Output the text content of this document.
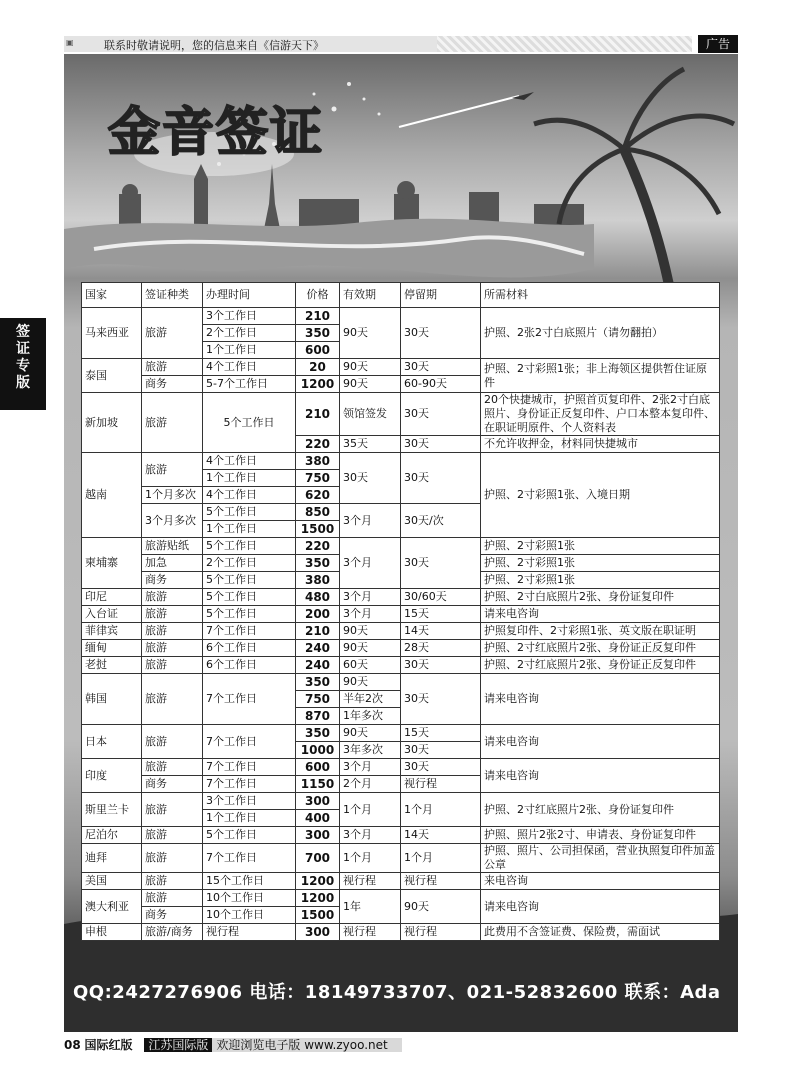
▣	联系时敬请说明，您的信息来自《信游天下》	广告
签证专版
金音签证
国家	签证种类	办理时间	价格	有效期	停留期	所需材料
马来西亚	旅游	3个工作日	210	90天	30天	护照、2张2寸白底照片（请勿翻拍）
		2个工作日	350			
		1个工作日	600			
泰国	旅游	4个工作日	20	90天	30天	护照、2寸彩照1张；非上海领区提供暂住证原件
	商务	5-7个工作日	1200	90天	60-90天	
新加坡	旅游	5个工作日	210	领馆签发	30天	20个快捷城市，护照首页复印件、2张2寸白底照片、身份证正反复印件、户口本整本复印件、在职证明原件、个人资料表
			220	35天	30天	不允许收押金，材料同快捷城市
越南	旅游	4个工作日	380	30天	30天	护照、2寸彩照1张、入境日期
		1个工作日	750			
	1个月多次	4个工作日	620			
	3个月多次	5个工作日	850	3个月	30天/次	
		1个工作日	1500			
柬埔寨	旅游贴纸	5个工作日	220	3个月	30天	护照、2寸彩照1张
	加急	2个工作日	350			护照、2寸彩照1张
	商务	5个工作日	380			护照、2寸彩照1张
印尼	旅游	5个工作日	480	3个月	30/60天	护照、2寸白底照片2张、身份证复印件
入台证	旅游	5个工作日	200	3个月	15天	请来电咨询
菲律宾	旅游	7个工作日	210	90天	14天	护照复印件、2寸彩照1张、英文版在职证明
缅甸	旅游	6个工作日	240	90天	28天	护照、2寸红底照片2张、身份证正反复印件
老挝	旅游	6个工作日	240	60天	30天	护照、2寸红底照片2张、身份证正反复印件
韩国	旅游	7个工作日	350	90天	30天	请来电咨询
			750	半年2次		
			870	1年多次		
日本	旅游	7个工作日	350	90天	15天	请来电咨询
			1000	3年多次	30天	
印度	旅游	7个工作日	600	3个月	30天	请来电咨询
	商务	7个工作日	1150	2个月	视行程	
斯里兰卡	旅游	3个工作日	300	1个月	1个月	护照、2寸红底照片2张、身份证复印件
		1个工作日	400			
尼泊尔	旅游	5个工作日	300	3个月	14天	护照、照片2张2寸、申请表、身份证复印件
迪拜	旅游	7个工作日	700	1个月	1个月	护照、照片、公司担保函，营业执照复印件加盖公章
美国	旅游	15个工作日	1200	视行程	视行程	来电咨询
澳大利亚	旅游	10个工作日	1200	1年	90天	请来电咨询
	商务	10个工作日	1500			
申根	旅游/商务	视行程	300	视行程	视行程	此费用不含签证费、保险费，需面试
QQ:2427276906 电话：18149733707、021-52832600 联系：Ada
08 国际红版 江苏国际版 欢迎浏览电子版 www.zyoo.net
